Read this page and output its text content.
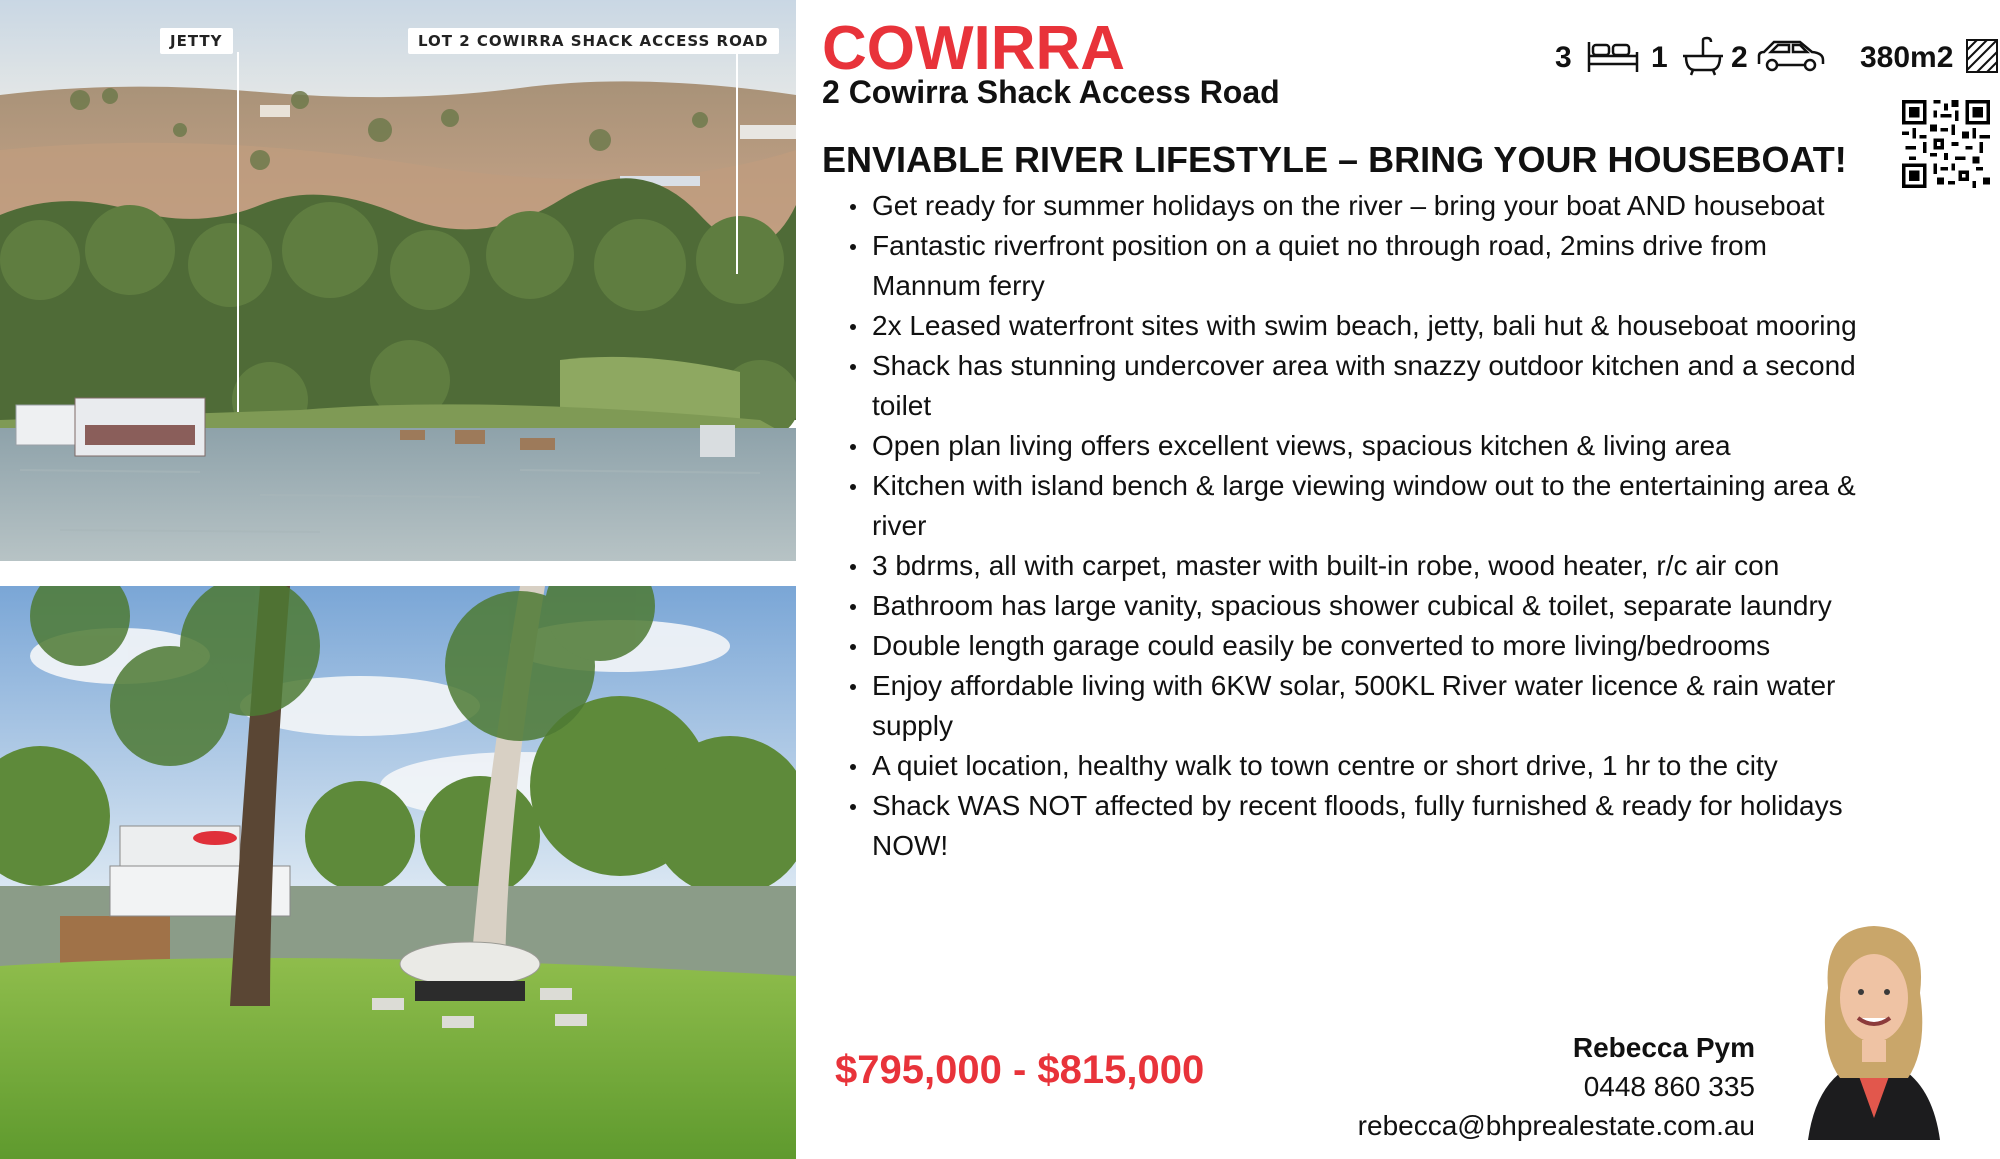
JETTY	LOT 2 COWIRRA SHACK ACCESS ROAD COWIRRA
2 Cowirra Shack Access Road
3	1 2	380m2
ENVIABLE RIVER LIFESTYLE – BRING YOUR HOUSEBOAT!
Get ready for summer holidays on the river – bring your boat AND houseboat
Fantastic riverfront position on a quiet no through road, 2mins drive from Mannum ferry
2x Leased waterfront sites with swim beach, jetty, bali hut & houseboat mooring
Shack has stunning undercover area with snazzy outdoor kitchen and a second toilet
Open plan living offers excellent views, spacious kitchen & living area
Kitchen with island bench & large viewing window out to the entertaining area & river
3 bdrms, all with carpet, master with built-in robe, wood heater, r/c air con
Bathroom has large vanity, spacious shower cubical & toilet, separate laundry
Double length garage could easily be converted to more living/bedrooms
Enjoy affordable living with 6KW solar, 500KL River water licence & rain water supply
A quiet location, healthy walk to town centre or short drive, 1 hr to the city
Shack WAS NOT affected by recent floods, fully furnished & ready for holidays NOW!
$795,000 - $815,000
Rebecca Pym
0448 860 335
rebecca@bhprealestate.com.au
